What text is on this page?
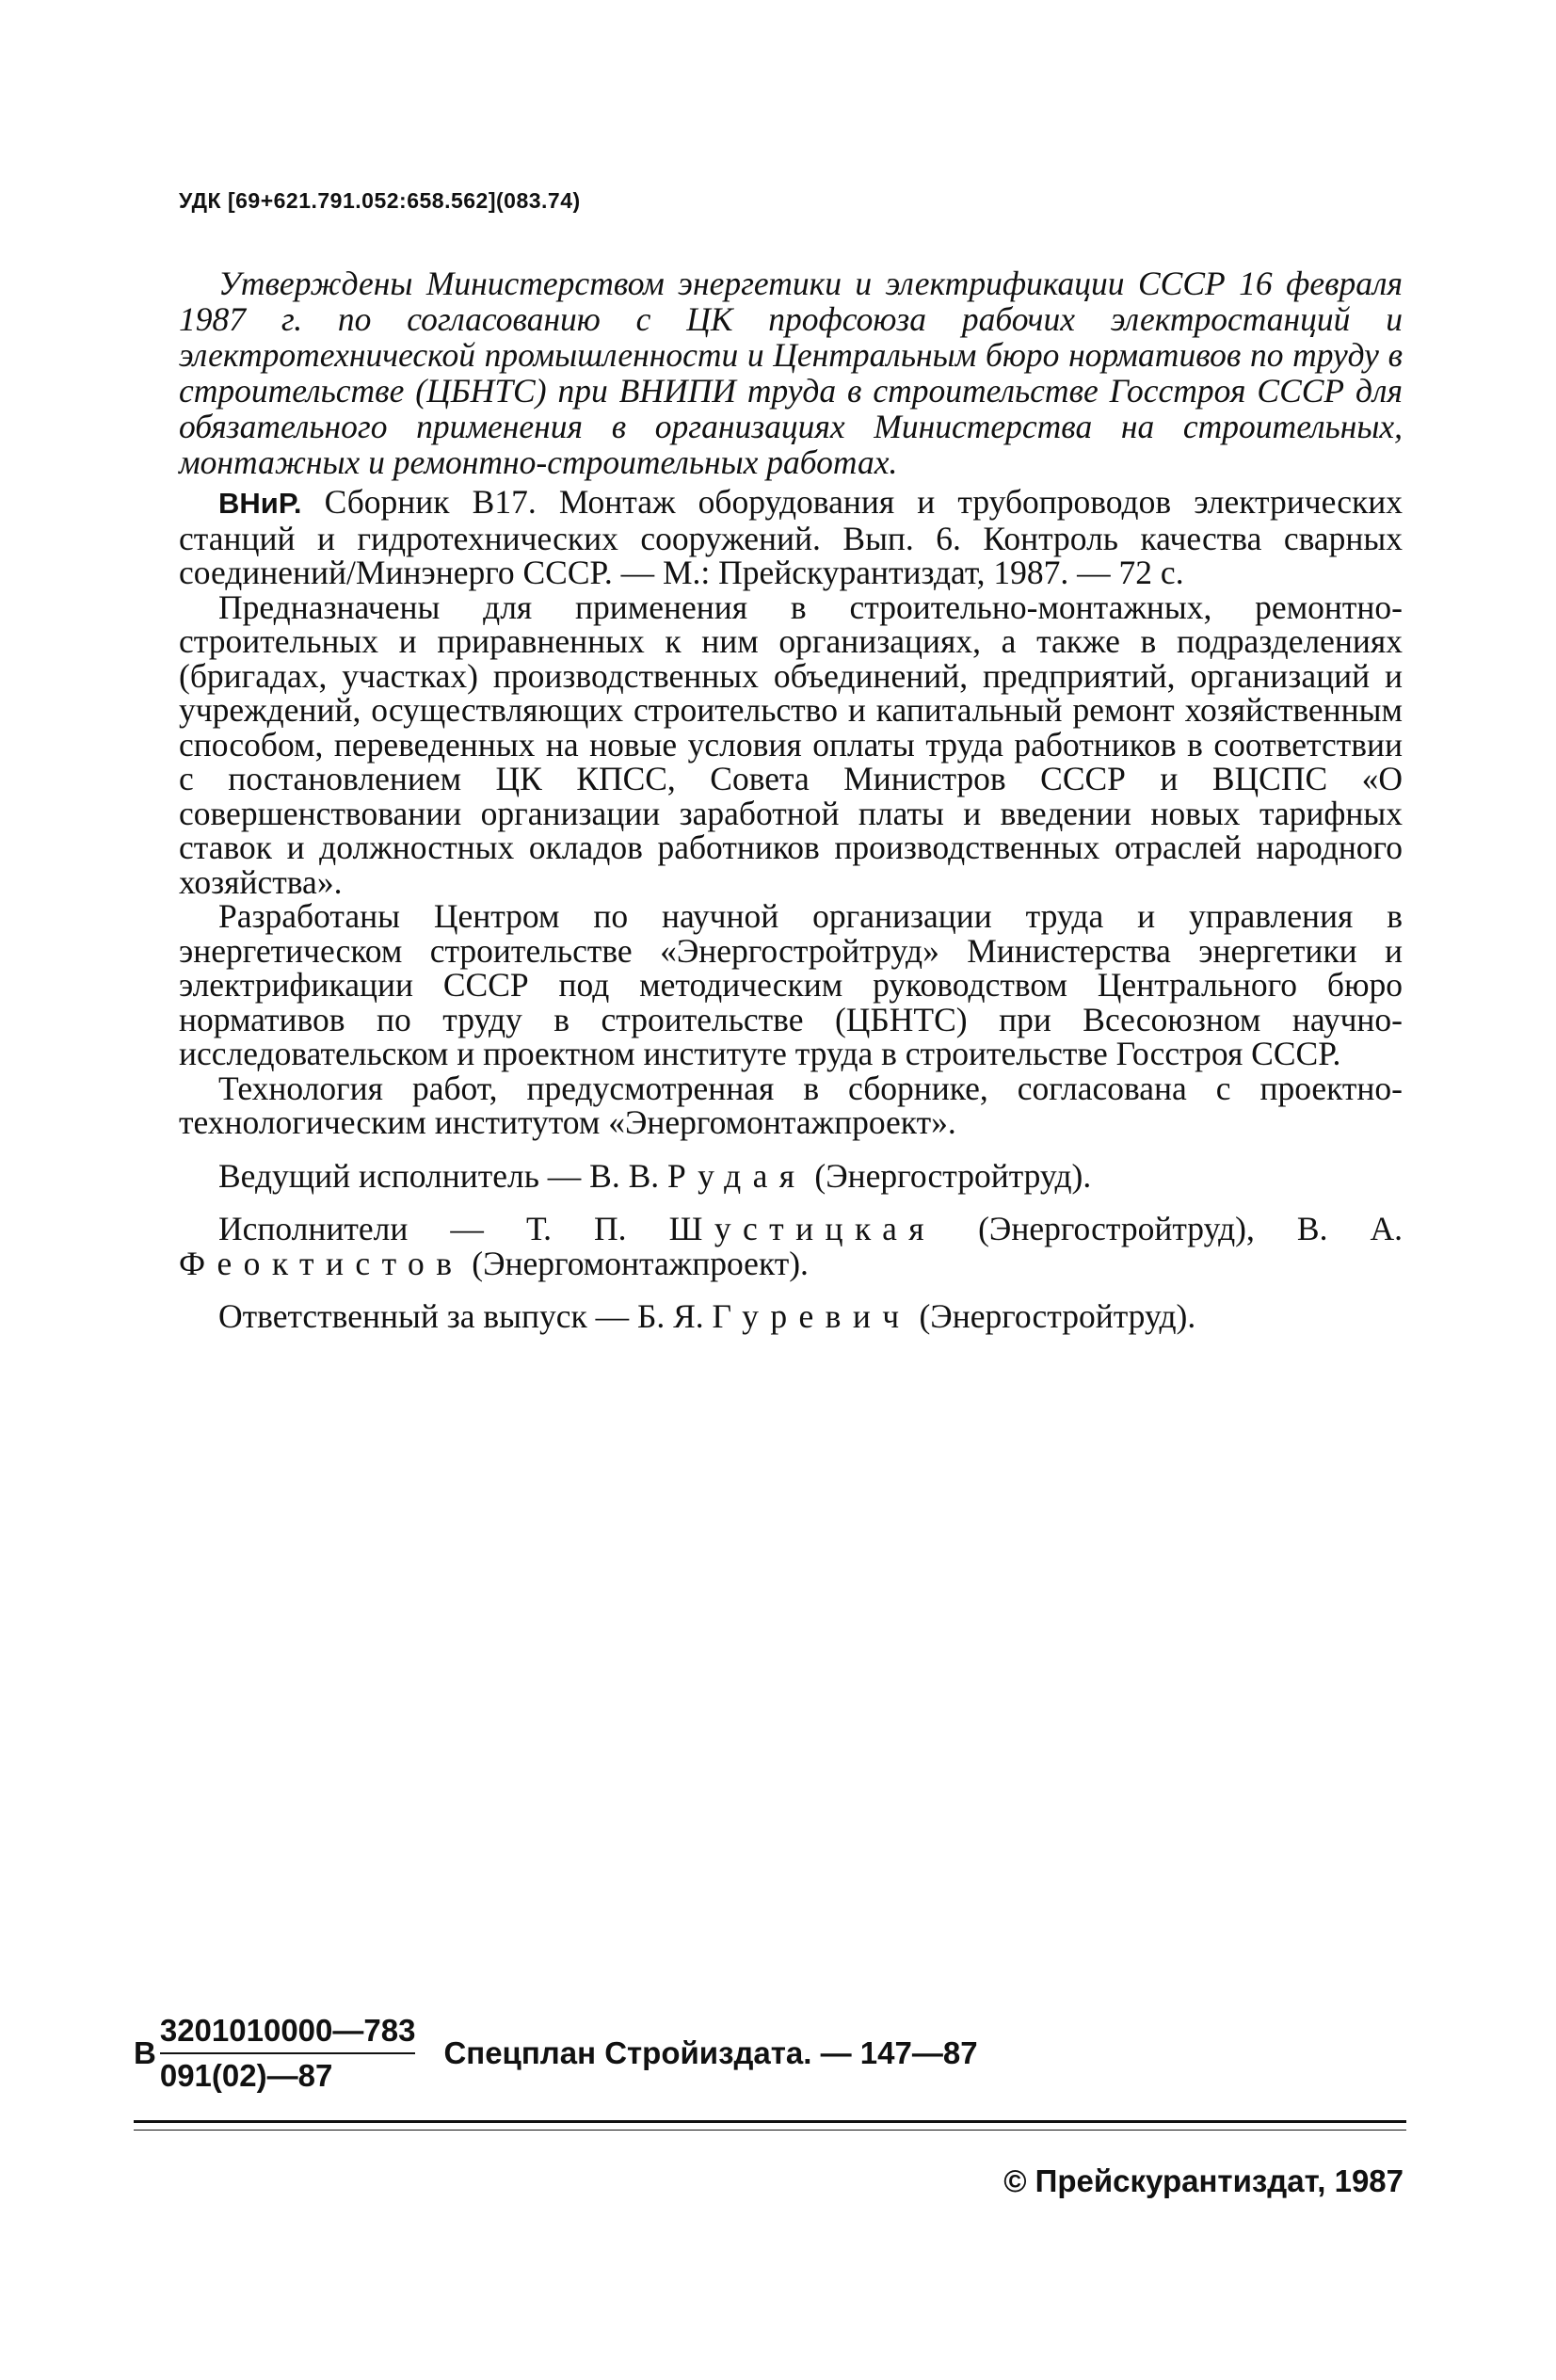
УДК [69+621.791.052:658.562](083.74)
Утверждены Министерством энергетики и электрификации СССР 16 февраля 1987 г. по согласованию с ЦК профсоюза рабочих электростанций и электротехнической промышленности и Центральным бюро нормативов по труду в строительстве (ЦБНТС) при ВНИПИ труда в строительстве Госстроя СССР для обязательного применения в организациях Министерства на строительных, монтажных и ремонтно-строительных работах.

ВНиР. Сборник В17. Монтаж оборудования и трубопроводов электрических станций и гидротехнических сооружений. Вып. 6. Контроль качества сварных соединений/Минэнерго СССР. — М.: Прейскурантиздат, 1987. — 72 с.

Предназначены для применения в строительно-монтажных, ремонтно-строительных и приравненных к ним организациях, а также в подразделениях (бригадах, участках) производственных объединений, предприятий, организаций и учреждений, осуществляющих строительство и капитальный ремонт хозяйственным способом, переведенных на новые условия оплаты труда работников в соответствии с постановлением ЦК КПСС, Совета Министров СССР и ВЦСПС «О совершенствовании организации заработной платы и введении новых тарифных ставок и должностных окладов работников производственных отраслей народного хозяйства».

Разработаны Центром по научной организации труда и управления в энергетическом строительстве «Энергостройтруд» Министерства энергетики и электрификации СССР под методическим руководством Центрального бюро нормативов по труду в строительстве (ЦБНТС) при Всесоюзном научно-исследовательском и проектном институте труда в строительстве Госстроя СССР.

Технология работ, предусмотренная в сборнике, согласована с проектно-технологическим институтом «Энергомонтажпроект».

Ведущий исполнитель — В. В. Рудая (Энергостройтруд).

Исполнители — Т. П. Шустицкая (Энергостройтруд), В. А. Феоктистов (Энергомонтажпроект).

Ответственный за выпуск — Б. Я. Гуревич (Энергостройтруд).

В $\frac{3201010000—783}{091(02)—87}$ Спецплан Стройиздата. — 147—87
© Прейскурантиздат, 1987
